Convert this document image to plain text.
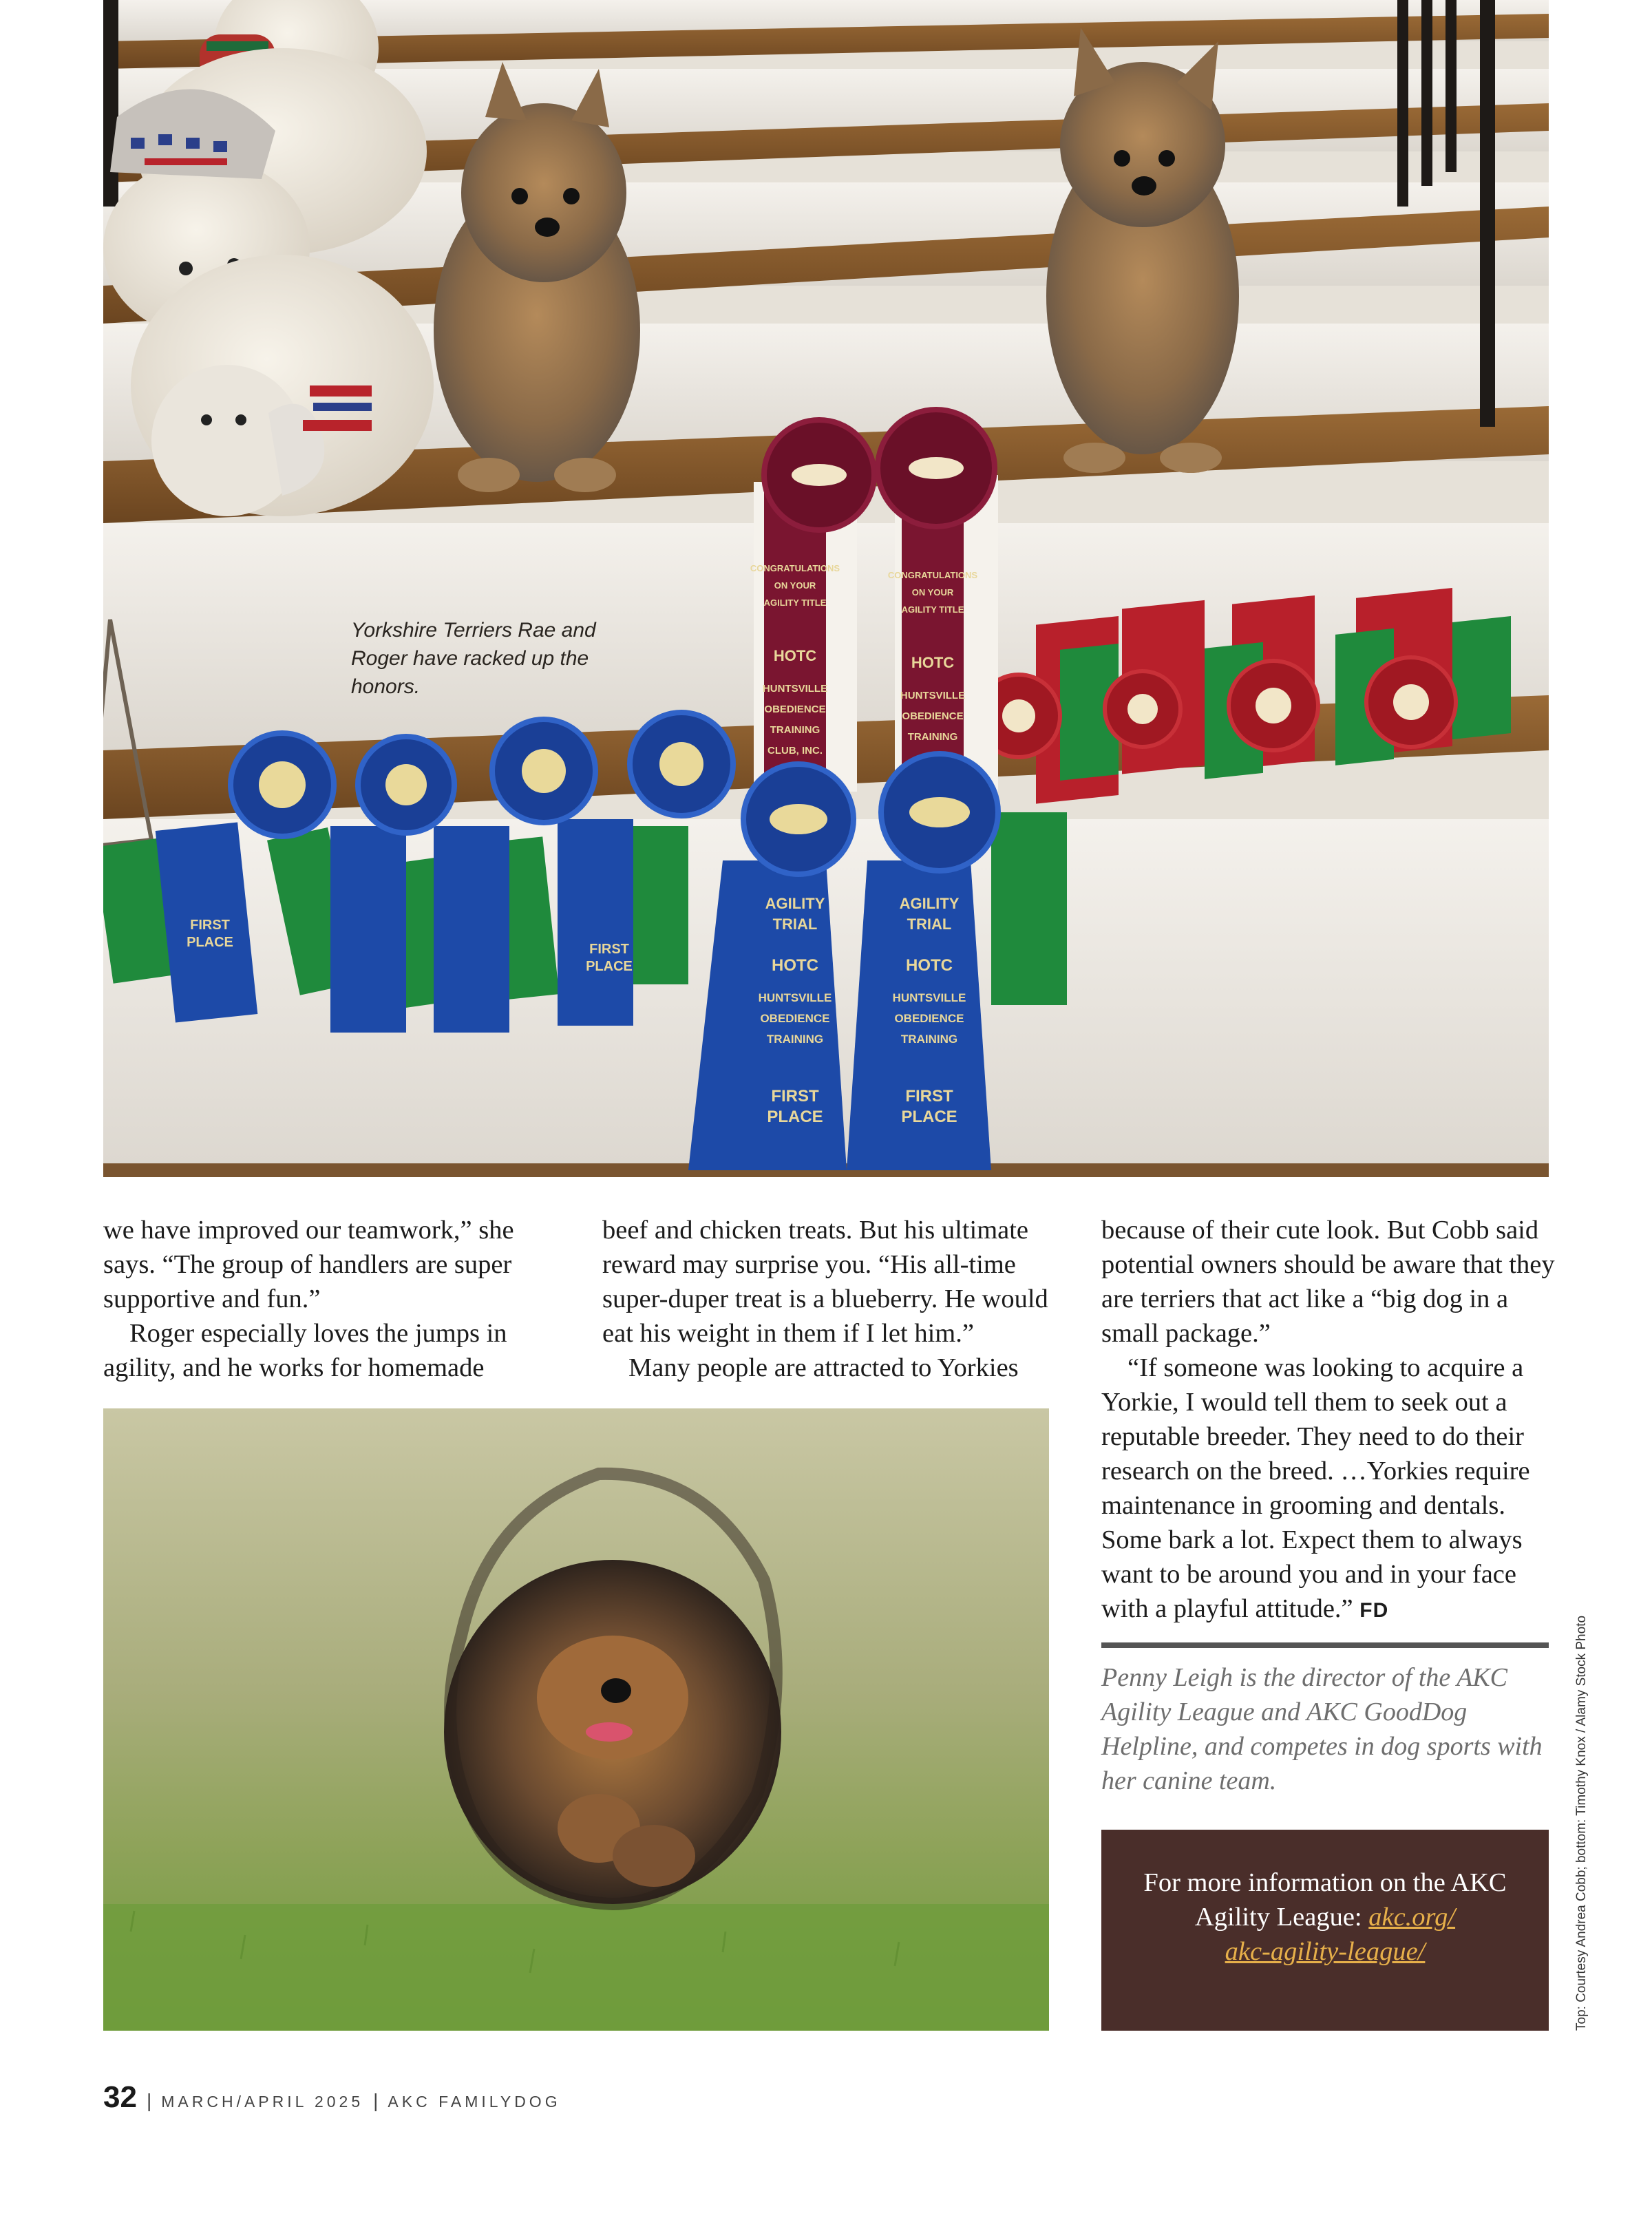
CONGRATULATIONS
ON YOUR
AGILITY TITLE
HOTC
HUNTSVILLE
OBEDIENCE
TRAINING
CLUB, INC.
CONGRATULATIONS
ON YOUR
AGILITY TITLE
HOTC
HUNTSVILLE
OBEDIENCE
TRAINING
FIRST
PLACE	FIRST
PLACE
AGILITY
TRIAL
HOTC
HUNTSVILLE
OBEDIENCE
TRAINING
FIRST
PLACE
AGILITY
TRIAL
HOTC
HUNTSVILLE
OBEDIENCE
TRAINING
FIRST
PLACE
Yorkshire Terriers Rae and Roger have racked up the honors.

we have improved our teamwork,” she says. “The group of handlers are super supportive and fun.”

Roger especially loves the jumps in agility, and he works for homemade

beef and chicken treats. But his ultimate reward may surprise you. “His all-time super-duper treat is a blueberry. He would eat his weight in them if I let him.”

Many people are attracted to Yorkies

because of their cute look. But Cobb said potential owners should be aware that they are terriers that act like a “big dog in a small package.”

“If someone was looking to acquire a Yorkie, I would tell them to seek out a reputable breeder. They need to do their research on the breed. …Yorkies require maintenance in grooming and dentals. Some bark a lot. Expect them to always want to be around you and in your face with a playful attitude.” FD

Penny Leigh is the director of the AKC Agility League and AKC GoodDog Helpline, and competes in dog sports with her canine team.

For more information on the AKC Agility League: akc.org/
akc-agility-league/	Top: Courtesy Andrea Cobb; bottom: Timothy Knox / Alamy Stock Photo
32 | MARCH/APRIL 2025 | AKC FAMILYDOG
